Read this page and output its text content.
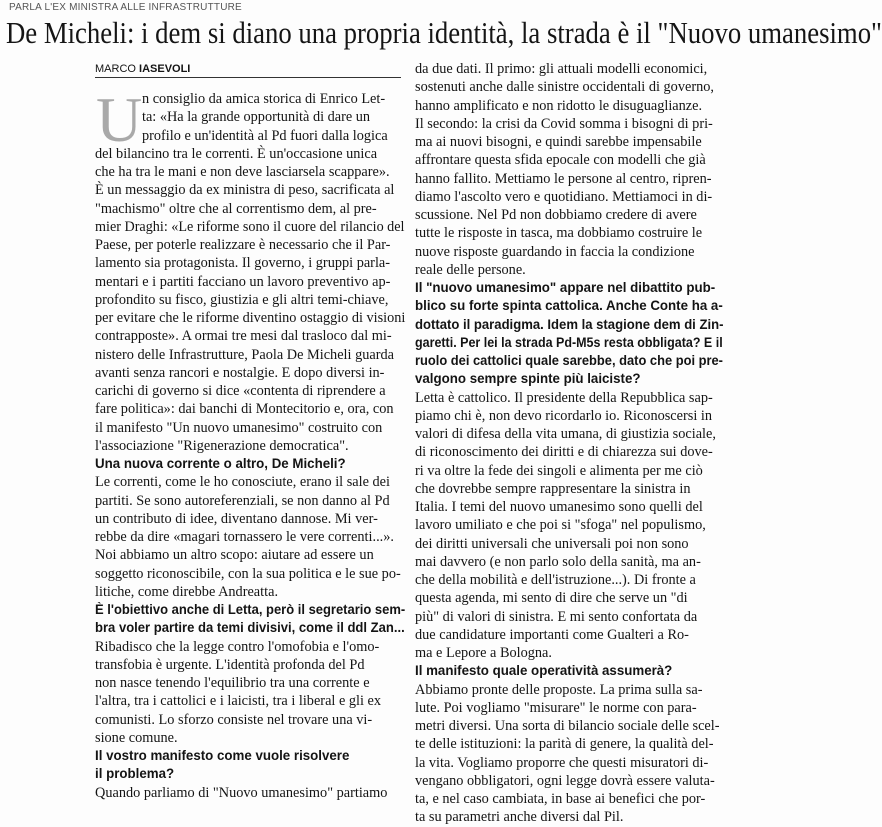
PARLA L'EX MINISTRA ALLE INFRASTRUTTURE
De Micheli: i dem si diano una propria identità, la strada è il "Nuovo umanesimo"
MARCO IASEVOLI
U n consiglio da amica storica di Enrico Let-
ta: «Ha la grande opportunità di dare un
profilo e un'identità al Pd fuori dalla logica
del bilancino tra le correnti. È un'occasione unica
che ha tra le mani e non deve lasciarsela scappare».
È un messaggio da ex ministra di peso, sacrificata al
"machismo" oltre che al correntismo dem, al pre-
mier Draghi: «Le riforme sono il cuore del rilancio del
Paese, per poterle realizzare è necessario che il Par-
lamento sia protagonista. Il governo, i gruppi parla-
mentari e i partiti facciano un lavoro preventivo ap-
profondito su fisco, giustizia e gli altri temi-chiave,
per evitare che le riforme diventino ostaggio di visioni
contrapposte». A ormai tre mesi dal trasloco dal mi-
nistero delle Infrastrutture, Paola De Micheli guarda
avanti senza rancori e nostalgie. E dopo diversi in-
carichi di governo si dice «contenta di riprendere a
fare politica»: dai banchi di Montecitorio e, ora, con
il manifesto "Un nuovo umanesimo" costruito con
l'associazione "Rigenerazione democratica".
Una nuova corrente o altro, De Micheli?
Le correnti, come le ho conosciute, erano il sale dei
partiti. Se sono autoreferenziali, se non danno al Pd
un contributo di idee, diventano dannose. Mi ver-
rebbe da dire «magari tornassero le vere correnti...».
Noi abbiamo un altro scopo: aiutare ad essere un
soggetto riconoscibile, con la sua politica e le sue po-
litiche, come direbbe Andreatta.
È l'obiettivo anche di Letta, però il segretario sem-
bra voler partire da temi divisivi, come il ddl Zan...
Ribadisco che la legge contro l'omofobia e l'omo-
transfobia è urgente. L'identità profonda del Pd
non nasce tenendo l'equilibrio tra una corrente e
l'altra, tra i cattolici e i laicisti, tra i liberal e gli ex
comunisti. Lo sforzo consiste nel trovare una vi-
sione comune.
Il vostro manifesto come vuole risolvere
il problema?
Quando parliamo di "Nuovo umanesimo" partiamo
da due dati. Il primo: gli attuali modelli economici,
sostenuti anche dalle sinistre occidentali di governo,
hanno amplificato e non ridotto le disuguaglianze.
Il secondo: la crisi da Covid somma i bisogni di pri-
ma ai nuovi bisogni, e quindi sarebbe impensabile
affrontare questa sfida epocale con modelli che già
hanno fallito. Mettiamo le persone al centro, ripren-
diamo l'ascolto vero e quotidiano. Mettiamoci in di-
scussione. Nel Pd non dobbiamo credere di avere
tutte le risposte in tasca, ma dobbiamo costruire le
nuove risposte guardando in faccia la condizione
reale delle persone.
Il "nuovo umanesimo" appare nel dibattito pub-
blico su forte spinta cattolica. Anche Conte ha a-
dottato il paradigma. Idem la stagione dem di Zin-
garetti. Per lei la strada Pd-M5s resta obbligata? E il
ruolo dei cattolici quale sarebbe, dato che poi pre-
valgono sempre spinte più laiciste?
Letta è cattolico. Il presidente della Repubblica sap-
piamo chi è, non devo ricordarlo io. Riconoscersi in
valori di difesa della vita umana, di giustizia sociale,
di riconoscimento dei diritti e di chiarezza sui dove-
ri va oltre la fede dei singoli e alimenta per me ciò
che dovrebbe sempre rappresentare la sinistra in
Italia. I temi del nuovo umanesimo sono quelli del
lavoro umiliato e che poi si "sfoga" nel populismo,
dei diritti universali che universali poi non sono
mai davvero (e non parlo solo della sanità, ma an-
che della mobilità e dell'istruzione...). Di fronte a
questa agenda, mi sento di dire che serve un "di
più" di valori di sinistra. E mi sento confortata da
due candidature importanti come Gualteri a Ro-
ma e Lepore a Bologna.
Il manifesto quale operatività assumerà?
Abbiamo pronte delle proposte. La prima sulla sa-
lute. Poi vogliamo "misurare" le norme con para-
metri diversi. Una sorta di bilancio sociale delle scel-
te delle istituzioni: la parità di genere, la qualità del-
la vita. Vogliamo proporre che questi misuratori di-
vengano obbligatori, ogni legge dovrà essere valuta-
ta, e nel caso cambiata, in base ai benefici che por-
ta su parametri anche diversi dal Pil.
